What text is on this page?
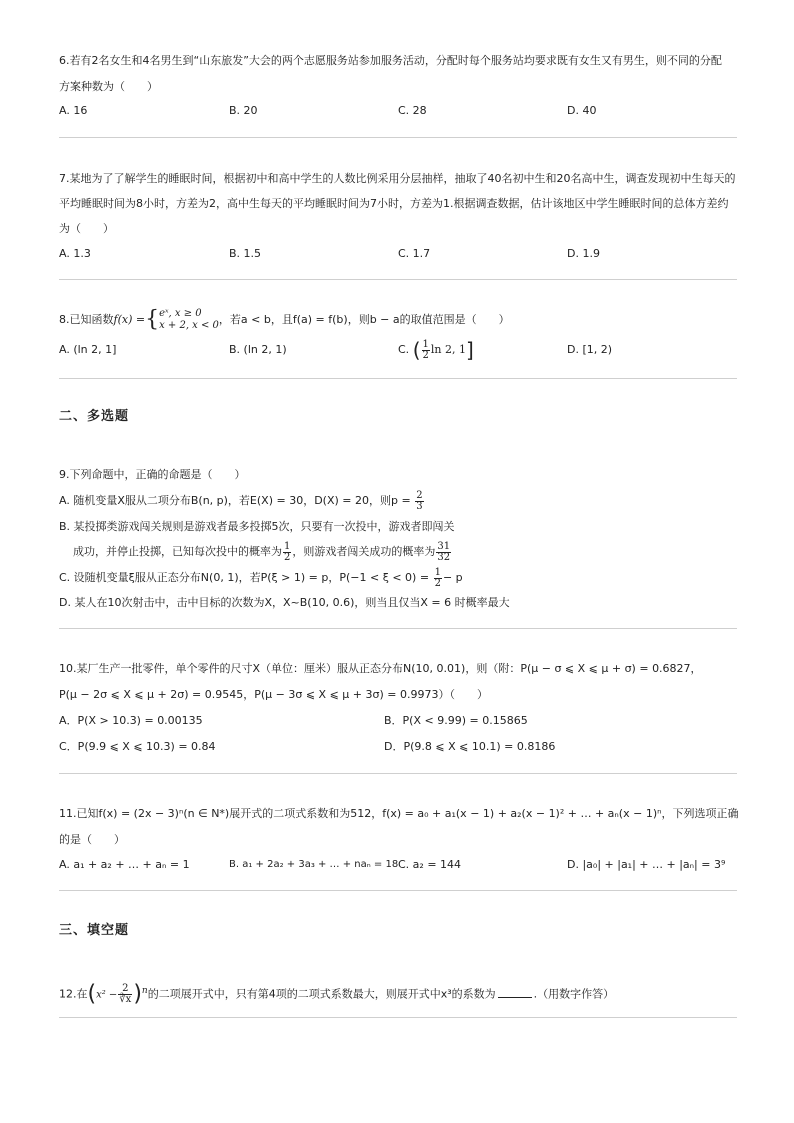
6.若有2名女生和4名男生到“山东旅发”大会的两个志愿服务站参加服务活动，分配时每个服务站均要求既有女生又有男生，则不同的分配
方案种数为（　　）
A. 16	B. 20	C. 28	D. 40
7.某地为了了解学生的睡眠时间，根据初中和高中学生的人数比例采用分层抽样，抽取了40名初中生和20名高中生，调查发现初中生每天的
平均睡眠时间为8小时，方差为2，高中生每天的平均睡眠时间为7小时，方差为1.根据调查数据，估计该地区中学生睡眠时间的总体方差约
为（　　）
A. 1.3	B. 1.5	C. 1.7	D. 1.9
8.已知函数f(x) ={ eˣ, x ≥ 0
x + 2, x < 0 ，若a < b，且f(a) = f(b)，则b − a的取值范围是（　　）
A. (ln 2, 1]	B. (ln 2, 1)	C. ( $\frac{1}{2}$ ln 2, 1]	D. [1, 2)
二、多选题
9.下列命题中，正确的命题是（　　）
A. 随机变量X服从二项分布B(n, p)，若E(X) = 30，D(X) = 20，则$p = \frac{2}{3}$
B. 某投掷类游戏闯关规则是游戏者最多投掷5次，只要有一次投中，游戏者即闯关
成功，并停止投掷，已知每次投中的概率为 $\frac{1}{2}$ ，则游戏者闯关成功的概率为 $\frac{31}{32}$
C. 设随机变量ξ服从正态分布N(0, 1)，若P(ξ > 1) = p，$P(-1 < \xi < 0) = \frac{1}{2} - p$
D. 某人在10次射击中，击中目标的次数为X，X~B(10, 0.6)，则当且仅当X = 6 时概率最大
10.某厂生产一批零件，单个零件的尺寸X（单位：厘米）服从正态分布N(10, 0.01)，则（附：P(μ − σ ⩽ X ⩽ μ + σ) = 0.6827，
P(μ − 2σ ⩽ X ⩽ μ + 2σ) = 0.9545，P(μ − 3σ ⩽ X ⩽ μ + 3σ) = 0.9973）（　　）
A．P(X > 10.3) = 0.00135	B．P(X < 9.99) = 0.15865
C．P(9.9 ⩽ X ⩽ 10.3) = 0.84	D．P(9.8 ⩽ X ⩽ 10.1) = 0.8186
11.已知f(x) = (2x − 3)ⁿ(n ∈ N*)展开式的二项式系数和为512，f(x) = a₀ + a₁(x − 1) + a₂(x − 1)² + … + aₙ(x − 1)ⁿ，下列选项正确
的是（　　）
A. a₁ + a₂ + … + aₙ = 1	B. a₁ + 2a₂ + 3a₃ + … + naₙ = 18 C. a₂ = 144	D. |a₀| + |a₁| + … + |aₙ| = 3⁹
三、填空题
12.在$(x^2 - \frac{2}{∛x} )^n$的二项展开式中，只有第4项的二项式系数最大，则展开式中x³的系数为	.（用数字作答）
